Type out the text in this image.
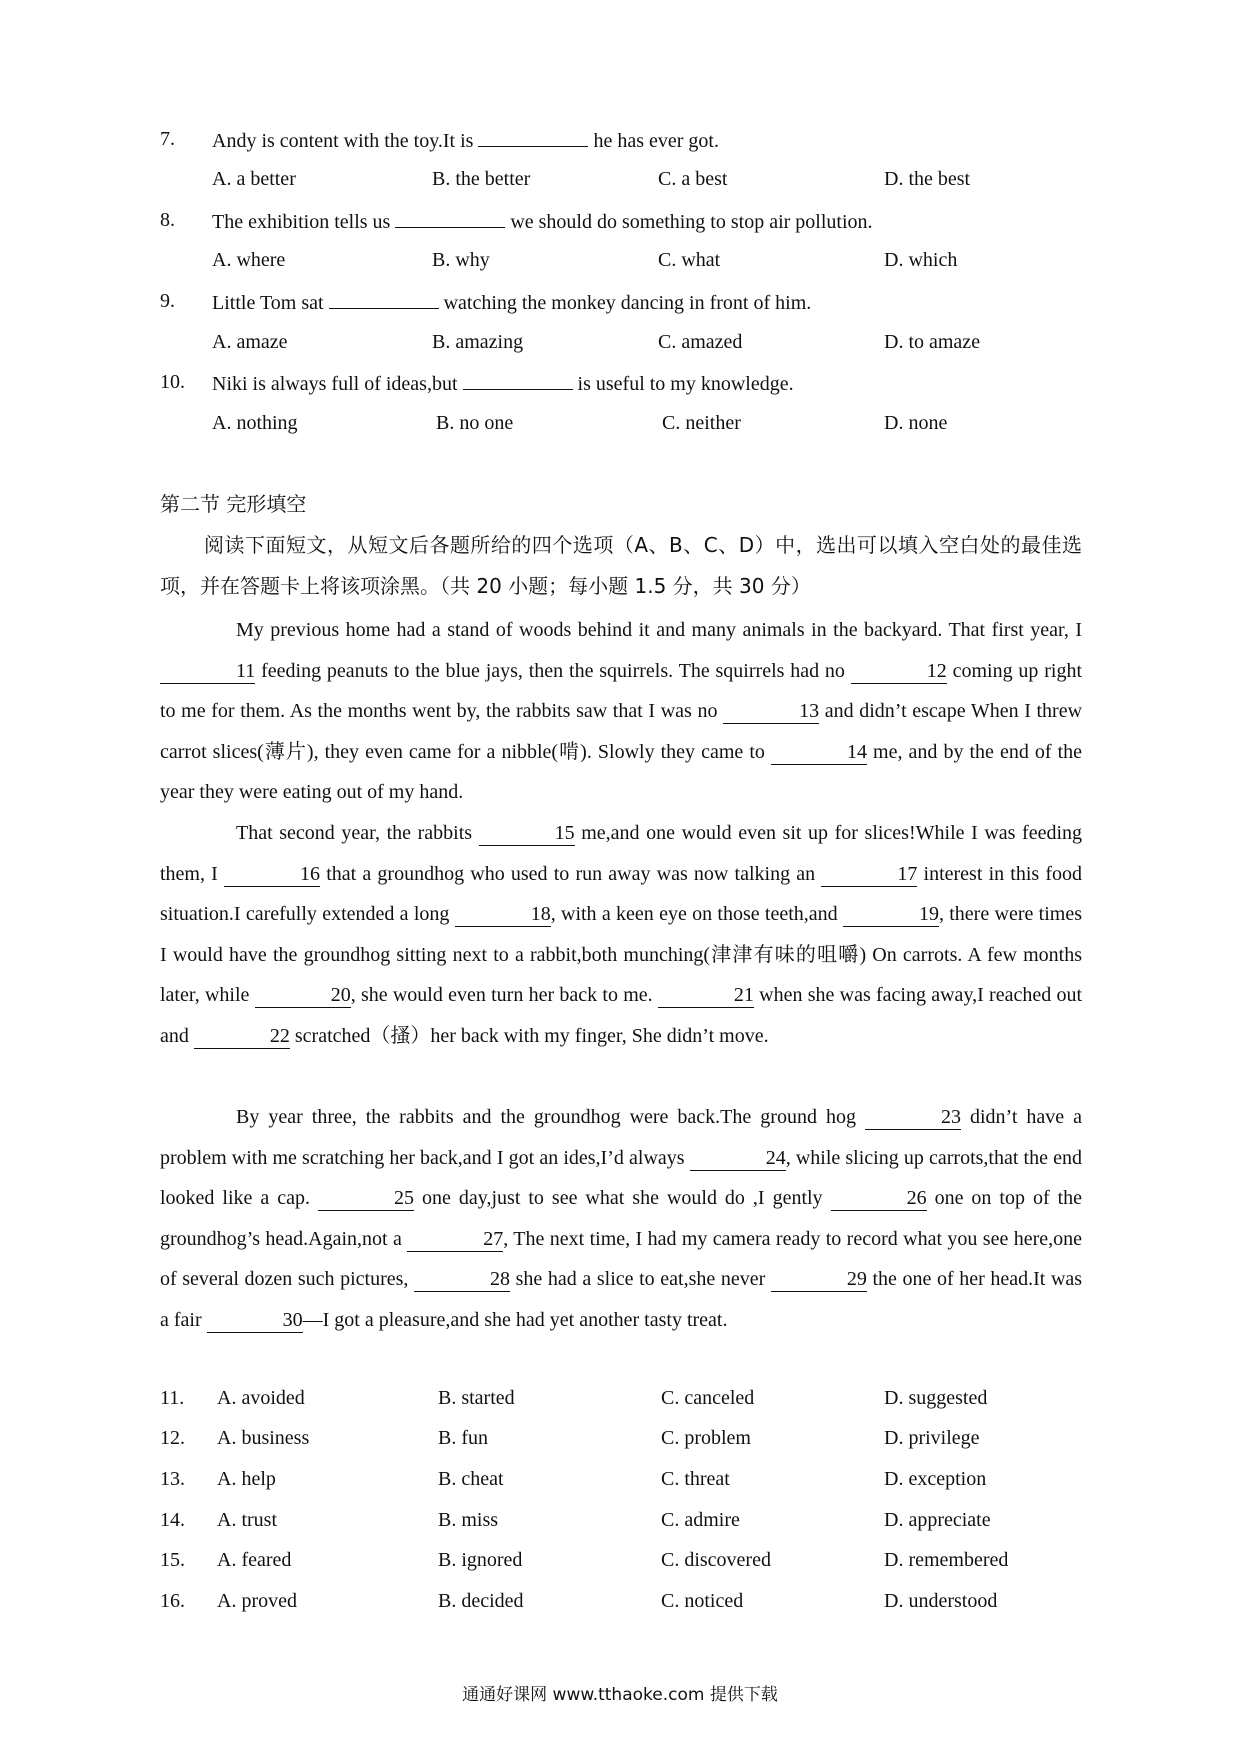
7. Andy is content with the toy.It is	he has ever got.
A. a better	B. the better	C. a best	D. the best
8. The exhibition tells us	we should do something to stop air pollution.
A. where	B. why	C. what	D. which
9. Little Tom sat	watching the monkey dancing in front of him.
A. amaze	B. amazing	C. amazed	D. to amaze
10. Niki is always full of ideas,but	is useful to my knowledge.
A. nothing	B. no one	C. neither	D. none
第二节 完形填空
阅读下面短文，从短文后各题所给的四个选项（A、B、C、D）中，选出可以填入空白处的最佳选项，并在答题卡上将该项涂黑。（共 20 小题；每小题 1.5 分，共 30 分）
My previous home had a stand of woods behind it and many animals in the backyard. That first year, I 11 feeding peanuts to the blue jays, then the squirrels. The squirrels had no	12 coming up right to me for them. As the months went by, the rabbits saw that I was no	13 and didn’t escape When I threw carrot slices(薄片), they even came for a nibble(啃). Slowly they came to	14 me, and by the end of the year they were eating out of my hand.
That second year, the rabbits	15 me,and one would even sit up for slices!While I was feeding them, I	16 that a groundhog who used to run away was now talking an	17 interest in this food situation.I carefully extended a long	18, with a keen eye on those teeth,and	19, there were times I would have the groundhog sitting next to a rabbit,both munching(津津有味的咀嚼) On carrots. A few months later, while	20, she would even turn her back to me.	21 when she was facing away,I reached out and	22 scratched（搔）her back with my finger, She didn’t move.
By year three, the rabbits and the groundhog were back.The ground hog	23 didn’t have a problem with me scratching her back,and I got an ides,I’d always	24, while slicing up carrots,that the end looked like a cap.	25 one day,just to see what she would do ,I gently	26 one on top of the groundhog’s head.Again,not a	27, The next time, I had my camera ready to record what you see here,one of several dozen such pictures,	28 she had a slice to eat,she never	29 the one of her head.It was a fair	30—I got a pleasure,and she had yet another tasty treat.
11. A. avoided	B. started	C. canceled	D. suggested
12. A. business	B. fun	C. problem	D. privilege
13. A. help	B. cheat	C. threat	D. exception
14. A. trust	B. miss	C. admire	D. appreciate
15. A. feared	B. ignored	C. discovered	D. remembered
16. A. proved	B. decided	C. noticed	D. understood
通通好课网 www.tthaoke.com 提供下载
